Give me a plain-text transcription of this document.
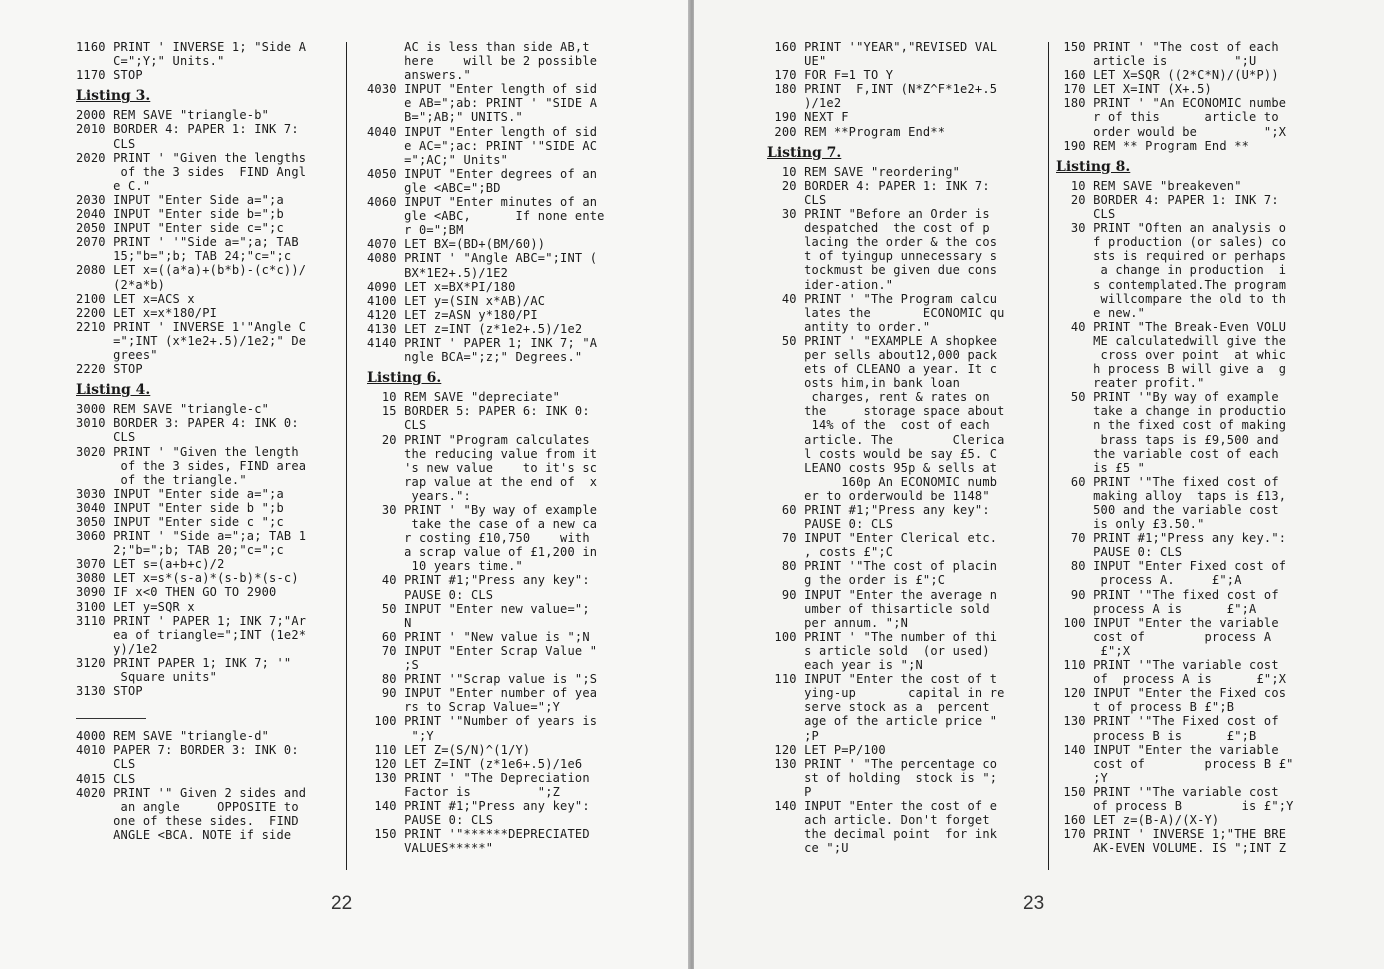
1160 PRINT ' INVERSE 1; "Side A

C=";Y;" Units."

1170 STOP

Listing 3.

2000 REM SAVE "triangle-b"

2010 BORDER 4: PAPER 1: INK 7:

CLS

2020 PRINT ' "Given the lengths

of the 3 sides  FIND Angl

e C."

2030 INPUT "Enter Side a=";a

2040 INPUT "Enter side b=";b

2050 INPUT "Enter side c=";c

2070 PRINT ' '"Side a=";a; TAB

15;"b=";b; TAB 24;"c=";c

2080 LET x=((a*a)+(b*b)-(c*c))/

(2*a*b)

2100 LET x=ACS x

2200 LET x=x*180/PI

2210 PRINT ' INVERSE 1'"Angle C

=";INT (x*1e2+.5)/1e2;" De

grees"

2220 STOP

Listing 4.

3000 REM SAVE "triangle-c"

3010 BORDER 3: PAPER 4: INK 0:

CLS

3020 PRINT ' "Given the length

of the 3 sides, FIND area

of the triangle."

3030 INPUT "Enter side a=";a

3040 INPUT "Enter side b ";b

3050 INPUT "Enter side c ";c

3060 PRINT ' "Side a=";a; TAB 1

2;"b=";b; TAB 20;"c=";c

3070 LET s=(a+b+c)/2

3080 LET x=s*(s-a)*(s-b)*(s-c)

3090 IF x<0 THEN GO TO 2900

3100 LET y=SQR x

3110 PRINT ' PAPER 1; INK 7;"Ar

ea of triangle=";INT (1e2*

y)/1e2

3120 PRINT PAPER 1; INK 7; '"

Square units"

3130 STOP

4000 REM SAVE "triangle-d"

4010 PAPER 7: BORDER 3: INK 0:

CLS

4015 CLS

4020 PRINT '" Given 2 sides and

an angle     OPPOSITE to

one of these sides.  FIND

ANGLE <BCA. NOTE if side

AC is less than side AB,t

here    will be 2 possible

answers."

4030 INPUT "Enter length of sid

e AB=";ab: PRINT ' "SIDE A

B=";AB;" UNITS."

4040 INPUT "Enter length of sid

e AC=";ac: PRINT '"SIDE AC

=";AC;" Units"

4050 INPUT "Enter degrees of an

gle <ABC=";BD

4060 INPUT "Enter minutes of an

gle <ABC,      If none ente

r 0=";BM

4070 LET BX=(BD+(BM/60))

4080 PRINT ' "Angle ABC=";INT (

BX*1E2+.5)/1E2

4090 LET x=BX*PI/180

4100 LET y=(SIN x*AB)/AC

4120 LET z=ASN y*180/PI

4130 LET z=INT (z*1e2+.5)/1e2

4140 PRINT ' PAPER 1; INK 7; "A

ngle BCA=";z;" Degrees."

Listing 6.

10 REM SAVE "depreciate"

15 BORDER 5: PAPER 6: INK 0:

CLS

20 PRINT "Program calculates

the reducing value from it

's new value    to it's sc

rap value at the end of  x

years.":

30 PRINT ' "By way of example

take the case of a new ca

r costing £10,750    with

a scrap value of £1,200 in

10 years time."

40 PRINT #1;"Press any key":

PAUSE 0: CLS

50 INPUT "Enter new value=";

N

60 PRINT ' "New value is ";N

70 INPUT "Enter Scrap Value "

;S

80 PRINT '"Scrap value is ";S

90 INPUT "Enter number of yea

rs to Scrap Value=";Y

100 PRINT '"Number of years is

";Y

110 LET Z=(S/N)^(1/Y)

120 LET Z=INT (z*1e6+.5)/1e6

130 PRINT ' "The Depreciation

Factor is         ";Z

140 PRINT #1;"Press any key":

PAUSE 0: CLS

150 PRINT '"******DEPRECIATED

VALUES*****"

22

160 PRINT '"YEAR","REVISED VAL

UE"

170 FOR F=1 TO Y

180 PRINT  F,INT (N*Z^F*1e2+.5

)/1e2

190 NEXT F

200 REM **Program End**

Listing 7.

10 REM SAVE "reordering"

20 BORDER 4: PAPER 1: INK 7:

CLS

30 PRINT "Before an Order is

despatched  the cost of p

lacing the order & the cos

t of tyingup unnecessary s

tockmust be given due cons

ider-ation."

40 PRINT ' "The Program calcu

lates the       ECONOMIC qu

antity to order."

50 PRINT ' "EXAMPLE A shopkee

per sells about12,000 pack

ets of CLEANO a year. It c

osts him,in bank loan

charges, rent & rates on

the     storage space about

14% of the  cost of each

article. The        Clerica

l costs would be say £5. C

LEANO costs 95p & sells at

160p An ECONOMIC numb

er to orderwould be 1148"

60 PRINT #1;"Press any key":

PAUSE 0: CLS

70 INPUT "Enter Clerical etc.

, costs £";C

80 PRINT '"The cost of placin

g the order is £";C

90 INPUT "Enter the average n

umber of thisarticle sold

per annum. ";N

100 PRINT ' "The number of thi

s article sold  (or used)

each year is ";N

110 INPUT "Enter the cost of t

ying-up       capital in re

serve stock as a  percent

age of the article price "

;P

120 LET P=P/100

130 PRINT ' "The percentage co

st of holding  stock is ";

P

140 INPUT "Enter the cost of e

ach article. Don't forget

the decimal point  for ink

ce ";U

150 PRINT ' "The cost of each

article is         ";U

160 LET X=SQR ((2*C*N)/(U*P))

170 LET X=INT (X+.5)

180 PRINT ' "An ECONOMIC numbe

r of this      article to

order would be         ";X

190 REM ** Program End **

Listing 8.

10 REM SAVE "breakeven"

20 BORDER 4: PAPER 1: INK 7:

CLS

30 PRINT "Often an analysis o

f production (or sales) co

sts is required or perhaps

a change in production  i

s contemplated.The program

willcompare the old to th

e new."

40 PRINT "The Break-Even VOLU

ME calculatedwill give the

cross over point  at whic

h process B will give a  g

reater profit."

50 PRINT '"By way of example

take a change in productio

n the fixed cost of making

brass taps is £9,500 and

the variable cost of each

is £5 "

60 PRINT '"The fixed cost of

making alloy  taps is £13,

500 and the variable cost

is only £3.50."

70 PRINT #1;"Press any key.":

PAUSE 0: CLS

80 INPUT "Enter Fixed cost of

process A.     £";A

90 PRINT '"The fixed cost of

process A is      £";A

100 INPUT "Enter the variable

cost of        process A

£";X

110 PRINT '"The variable cost

of  process A is      £";X

120 INPUT "Enter the Fixed cos

t of process B £";B

130 PRINT '"The Fixed cost of

process B is      £";B

140 INPUT "Enter the variable

cost of        process B £"

;Y

150 PRINT '"The variable cost

of process B        is £";Y

160 LET z=(B-A)/(X-Y)

170 PRINT ' INVERSE 1;"THE BRE

AK-EVEN VOLUME. IS ";INT Z

23
